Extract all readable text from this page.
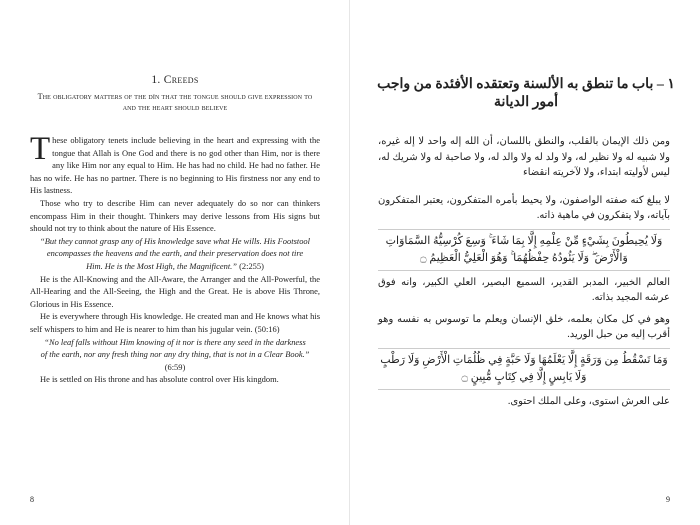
1. Creeds
The obligatory matters of the dīn that the tongue should give expression to and the heart should believe

These obligatory tenets include believing in the heart and expressing with the tongue that Allah is One God and there is no god other than Him, nor is there any like Him nor any equal to Him. He has had no child. He had no father. He has no wife. He has no partner. There is no beginning to His firstness nor any end to His lastness.

Those who try to describe Him can never adequately do so nor can thinkers encompass Him in their thought. Thinkers may derive lessons from His signs but should not try to think about the nature of His Essence.

“But they cannot grasp any of His knowledge save what He wills. His Footstool encompasses the heavens and the earth, and their preservation does not tire Him. He is the Most High, the Magnificent.” (2:255)

He is the All-Knowing and the All-Aware, the Arranger and the All-Powerful, the All-Hearing and the All-Seeing, the High and the Great. He is above His Throne, Glorious in His Essence.

He is everywhere through His knowledge. He created man and He knows what his self whispers to him and He is nearer to him than his jugular vein. (50:16)

“No leaf falls without Him knowing of it nor is there any seed in the darkness of the earth, nor any fresh thing nor any dry thing, that is not in a Clear Book.” (6:59)

He is settled on His throne and has absolute control over His kingdom.

8
١ – باب ما تنطق به الألسنة وتعتقده الأفئدة من واجب أمور الديانة

ومن ذلك الإيمان بالقلب، والنطق باللسان، أن الله إله واحد لا إله غيره، ولا شبيه له ولا نظير له، ولا ولد له ولا والد له، ولا صاحبة له ولا شريك له، ليس لأوليته ابتداء، ولا لآخريته انقضاء

لا يبلغ كنه صفته الواصفون، ولا يحيط بأمره المتفكرون، يعتبر المتفكرون بآياته، ولا يتفكرون في ماهية ذاته.

وَلَا يُحِيطُونَ بِشَيْءٍ مِّنْ عِلْمِهِ إِلَّا بِمَا شَاءَ ۚ وَسِعَ كُرْسِيُّهُ السَّمَاوَاتِ وَالْأَرْضَ ۖ وَلَا يَئُودُهُ حِفْظُهُمَا ۚ وَهُوَ الْعَلِيُّ الْعَظِيمُ ۝

العالم الخبير، المدبر القدير، السميع البصير، العلي الكبير، وانه فوق عرشه المجيد بذاته.

وهو في كل مكان بعلمه، خلق الإنسان ويعلم ما توسوس به نفسه وهو أقرب إليه من حبل الوريد.

وَمَا تَسْقُطُ مِن وَرَقَةٍ إِلَّا يَعْلَمُهَا وَلَا حَبَّةٍ فِي ظُلُمَاتِ الْأَرْضِ وَلَا رَطْبٍ وَلَا يَابِسٍ إِلَّا فِي كِتَابٍ مُّبِينٍ ۝

على العرش استوى، وعلى الملك احتوى.

9
